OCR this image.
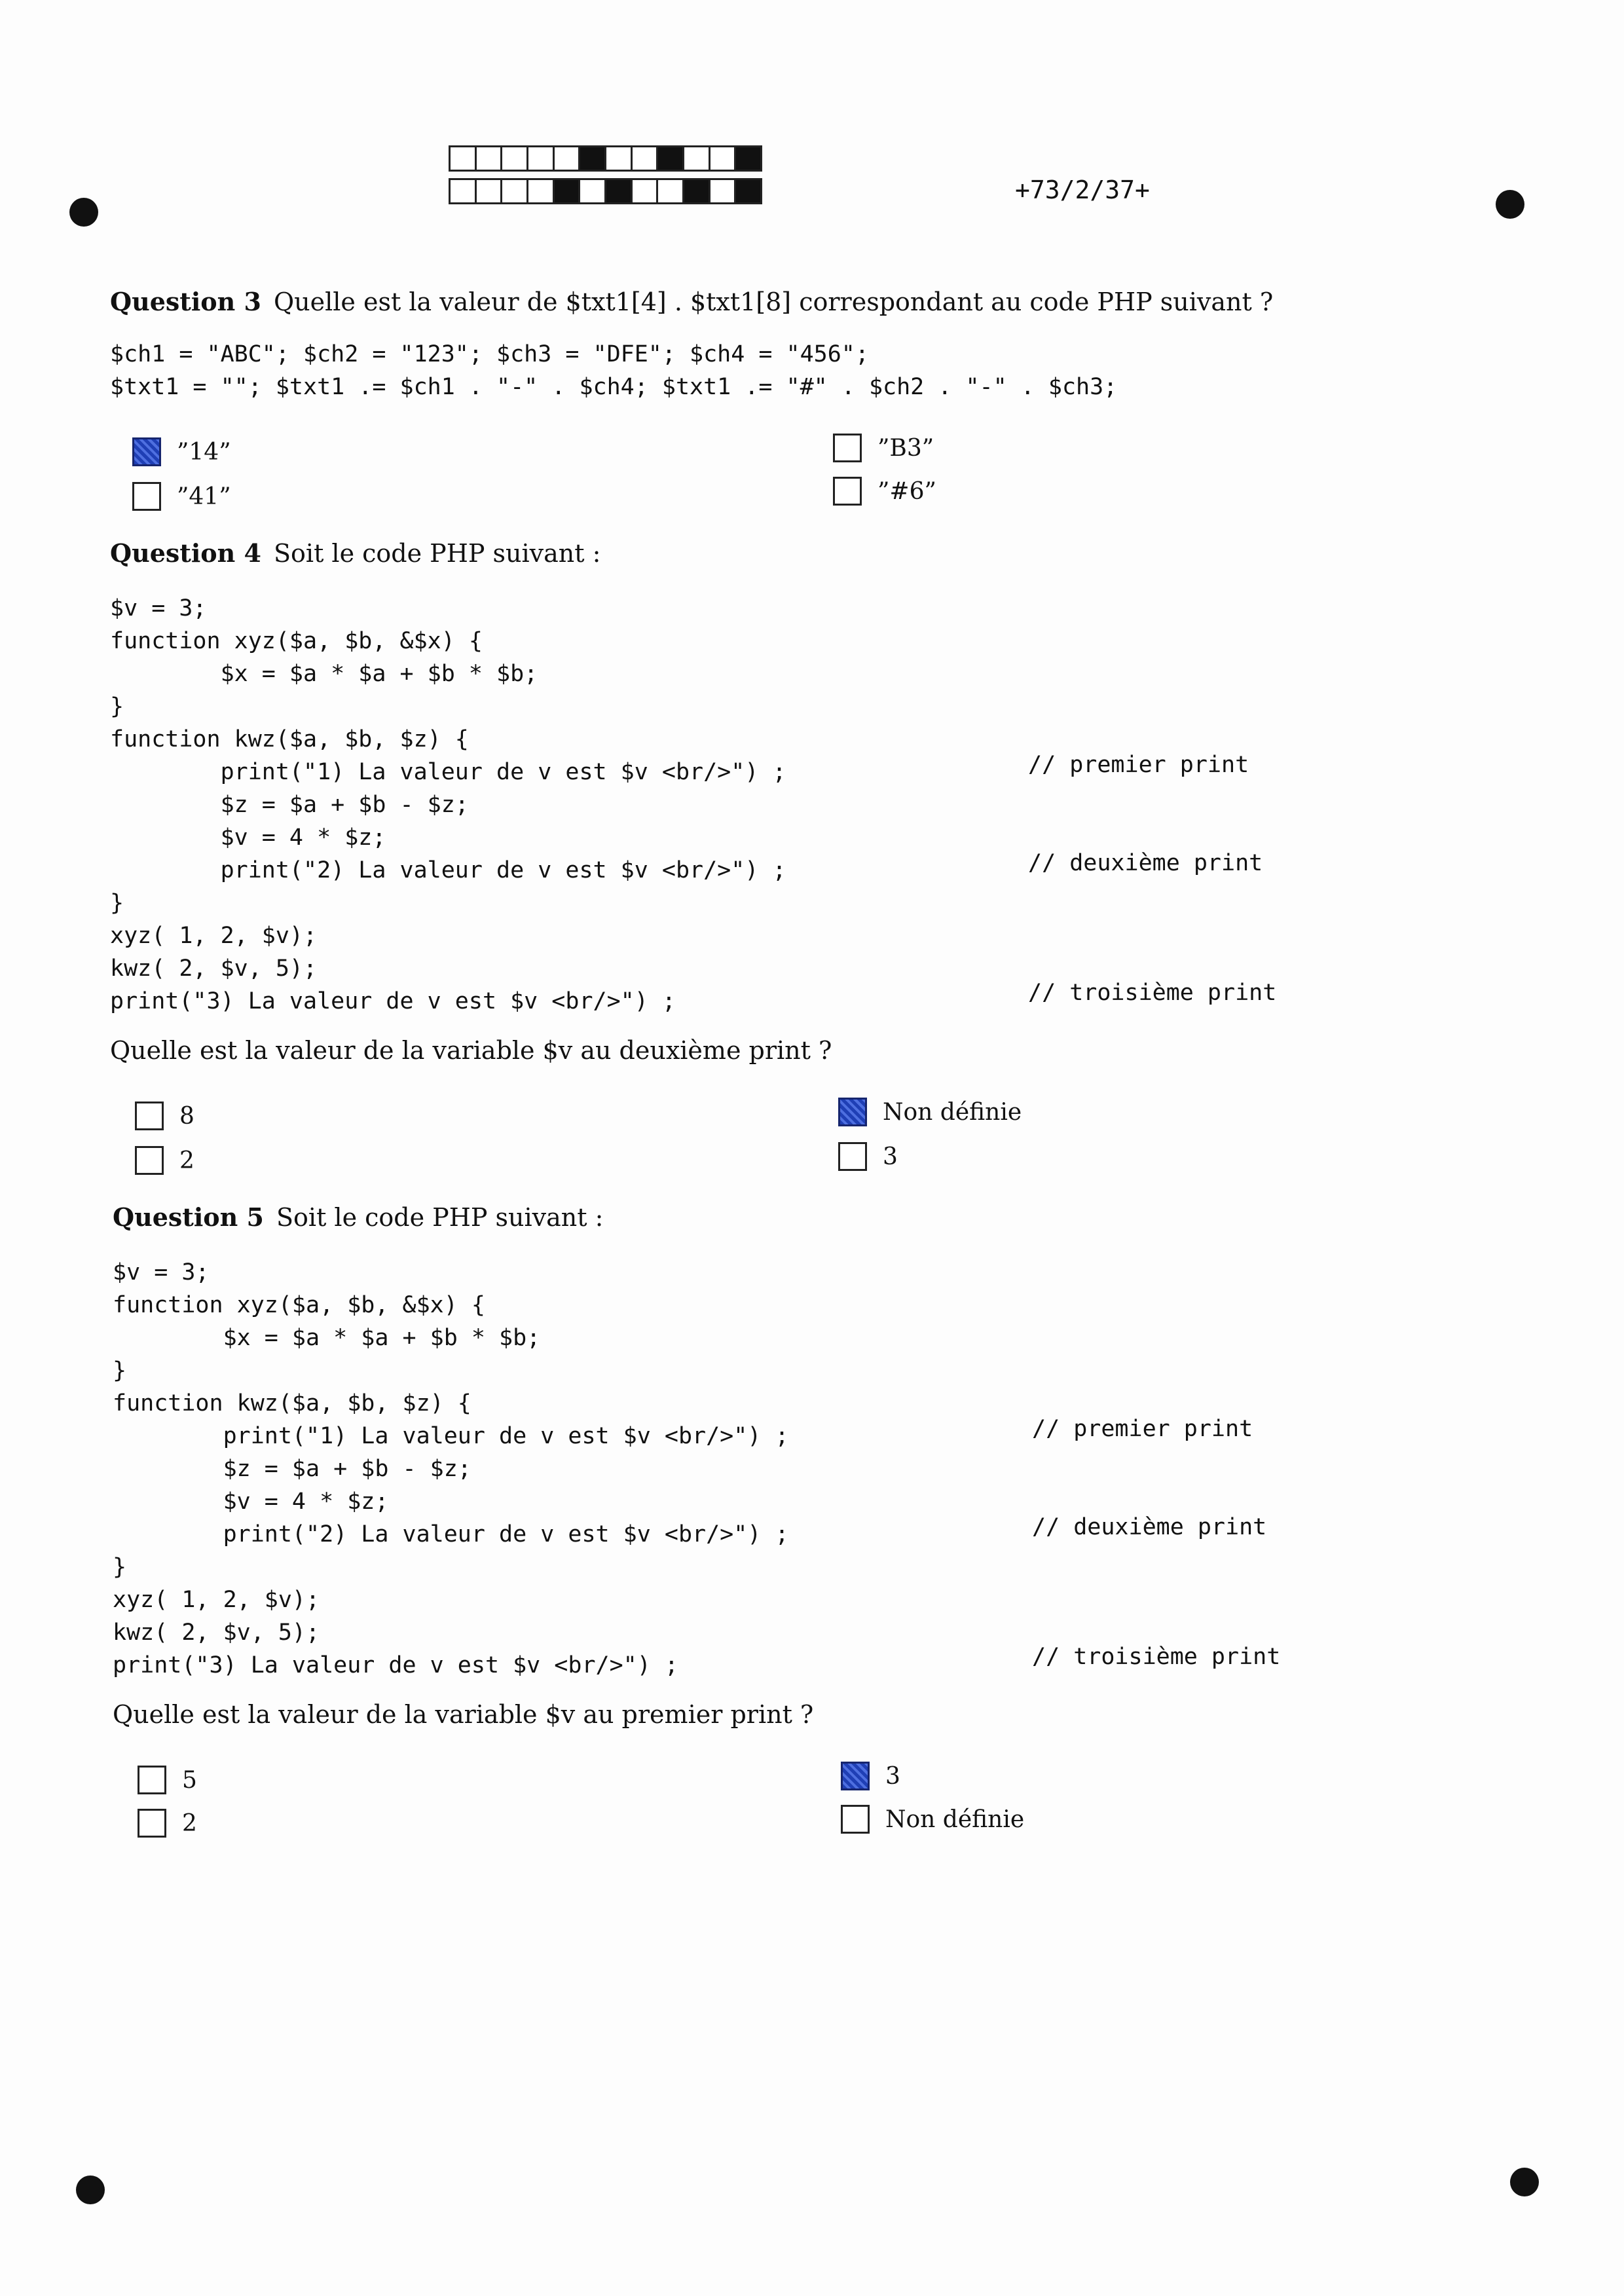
+73/2/37+
Question 3 Quelle est la valeur de $txt1[4] . $txt1[8] correspondant au code PHP suivant ?
$ch1 = "ABC"; $ch2 = "123"; $ch3 = "DFE"; $ch4 = "456";
$txt1 = ""; $txt1 .= $ch1 . "-" . $ch4; $txt1 .= "#" . $ch2 . "-" . $ch3;
”14”
”41”
”B3”
”#6”
Question 4 Soit le code PHP suivant :
$v = 3;
function xyz($a, $b, &$x) {
$x = $a * $a + $b * $b;
}
function kwz($a, $b, $z) {
print("1) La valeur de v est $v <br/>") ;
$z = $a + $b - $z;
$v = 4 * $z;
print("2) La valeur de v est $v <br/>") ;
}
xyz( 1, 2, $v);
kwz( 2, $v, 5);
print("3) La valeur de v est $v <br/>") ;
// premier print
// deuxième print
// troisième print
Quelle est la valeur de la variable $v au deuxième print ?
8
2
Non définie
3
Question 5 Soit le code PHP suivant :
$v = 3;
function xyz($a, $b, &$x) {
$x = $a * $a + $b * $b;
}
function kwz($a, $b, $z) {
print("1) La valeur de v est $v <br/>") ;
$z = $a + $b - $z;
$v = 4 * $z;
print("2) La valeur de v est $v <br/>") ;
}
xyz( 1, 2, $v);
kwz( 2, $v, 5);
print("3) La valeur de v est $v <br/>") ;
// premier print
// deuxième print
// troisième print
Quelle est la valeur de la variable $v au premier print ?
5
2
3
Non définie
